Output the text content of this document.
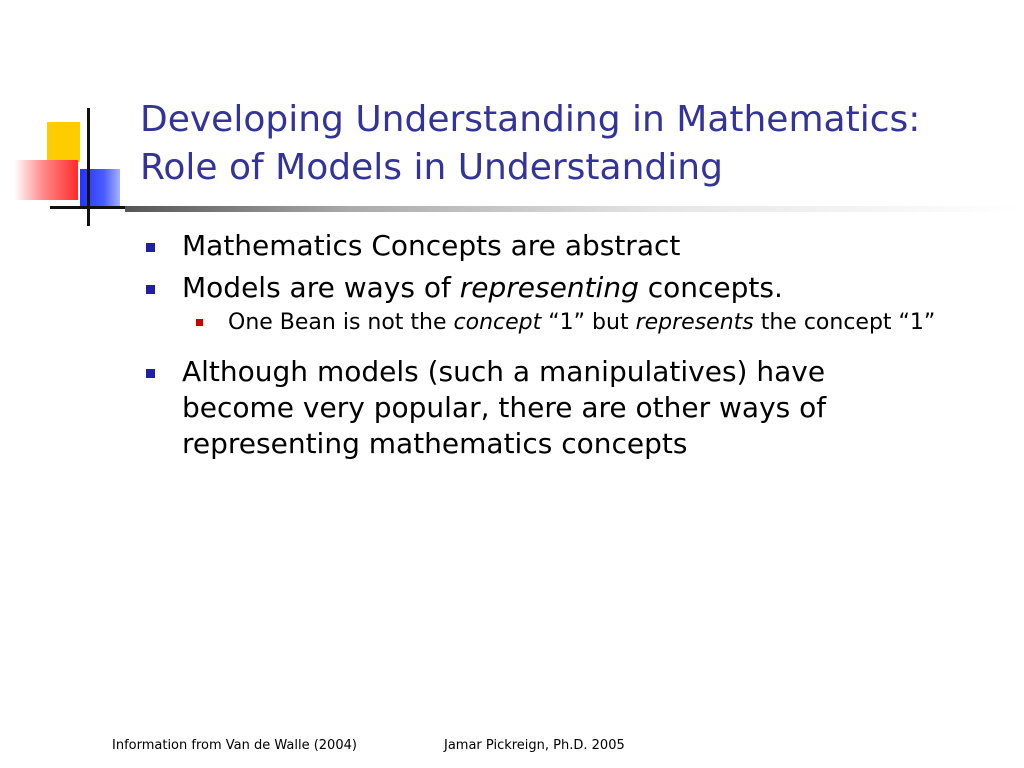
Developing Understanding in Mathematics:
Role of Models in Understanding
Mathematics Concepts are abstract
Models are ways of representing concepts.
One Bean is not the concept “1” but represents the concept “1”
Although models (such a manipulatives) have become very popular, there are other ways of representing mathematics concepts
Information from Van de Walle (2004)	Jamar Pickreign, Ph.D. 2005
